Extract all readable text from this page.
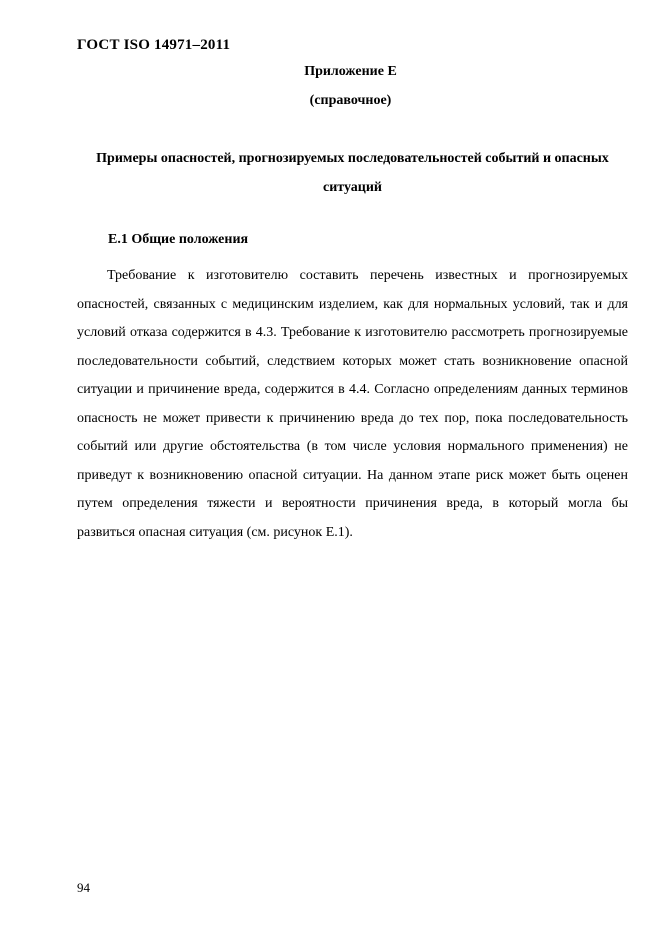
ГОСТ ISO 14971–2011
Приложение Е
(справочное)
Примеры опасностей, прогнозируемых последовательностей событий и опасных ситуаций
Е.1 Общие положения

Требование к изготовителю составить перечень известных и прогнозируемых опасностей, связанных с медицинским изделием, как для нормальных условий, так и для условий отказа содержится в 4.3. Требование к изготовителю рассмотреть прогнозируемые последовательности событий, следствием которых может стать возникновение опасной ситуации и причинение вреда, содержится в 4.4. Согласно определениям данных терминов опасность не может привести к причинению вреда до тех пор, пока последовательность событий или другие обстоятельства (в том числе условия нормального применения) не приведут к возникновению опасной ситуации. На данном этапе риск может быть оценен путем определения тяжести и вероятности причинения вреда, в который могла бы развиться опасная ситуация (см. рисунок Е.1).

94
